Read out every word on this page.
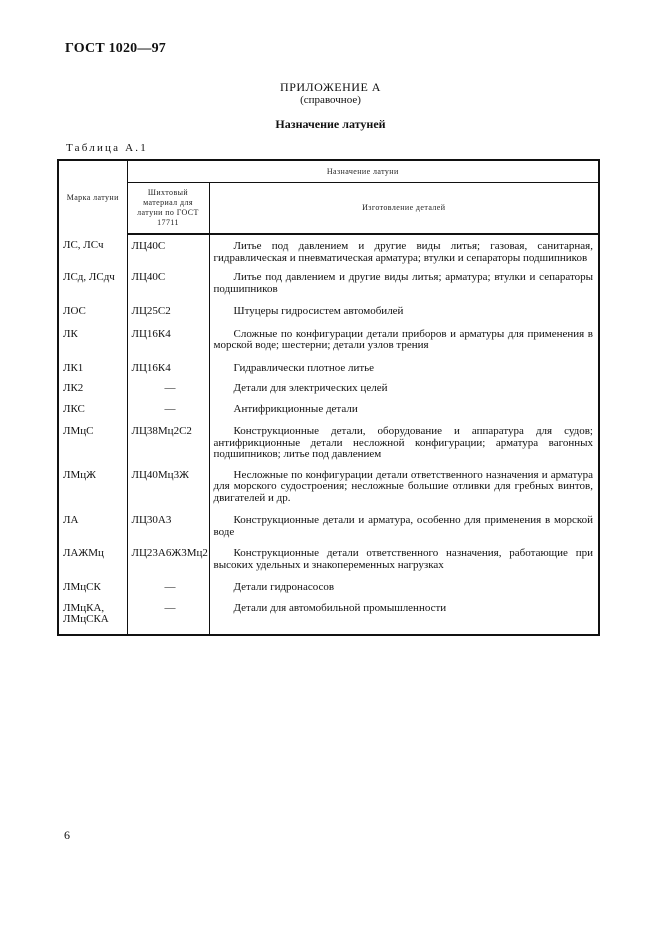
ГОСТ 1020—97
ПРИЛОЖЕНИЕ А
(справочное)
Назначение латуней
Таблица А.1
Марка латуни	Назначение латуни	
	Шихтовый материал для латуни по ГОСТ 17711	Изготовление деталей
ЛС, ЛСч	ЛЦ40С	Литье под давлением и другие виды литья; газовая, санитарная, гидравлическая и пневматическая арматура; втулки и сепараторы подшипников

ЛСд, ЛСдч	ЛЦ40С	Литье под давлением и другие виды литья; арматура; втулки и сепараторы подшипников

ЛОС	ЛЦ25С2	Штуцеры гидросистем автомобилей

ЛК	ЛЦ16К4	Сложные по конфигурации детали приборов и арматуры для применения в морской воде; шестерни; детали узлов трения

ЛК1	ЛЦ16К4	Гидравлически плотное литье

ЛК2	—	Детали для электрических целей

ЛКС	—	Антифрикционные детали

ЛМцС	ЛЦ38Мц2С2	Конструкционные детали, оборудование и аппаратура для судов; антифрикционные детали несложной конфигурации; арматура вагонных подшипников; литье под давлением

ЛМцЖ	ЛЦ40Мц3Ж	Несложные по конфигурации детали ответственного назначения и арматура для морского судостроения; несложные большие отливки для гребных винтов, двигателей и др.

ЛА	ЛЦ30А3	Конструкционные детали и арматура, особенно для применения в морской воде

ЛАЖМц	ЛЦ23А6Ж3Мц2	Конструкционные детали ответственного назначения, работающие при высоких удельных и знакопеременных нагрузках

ЛМцСК	—	Детали гидронасосов

ЛМцКА, ЛМцСКА	—	Детали для автомобильной промышленности
6
